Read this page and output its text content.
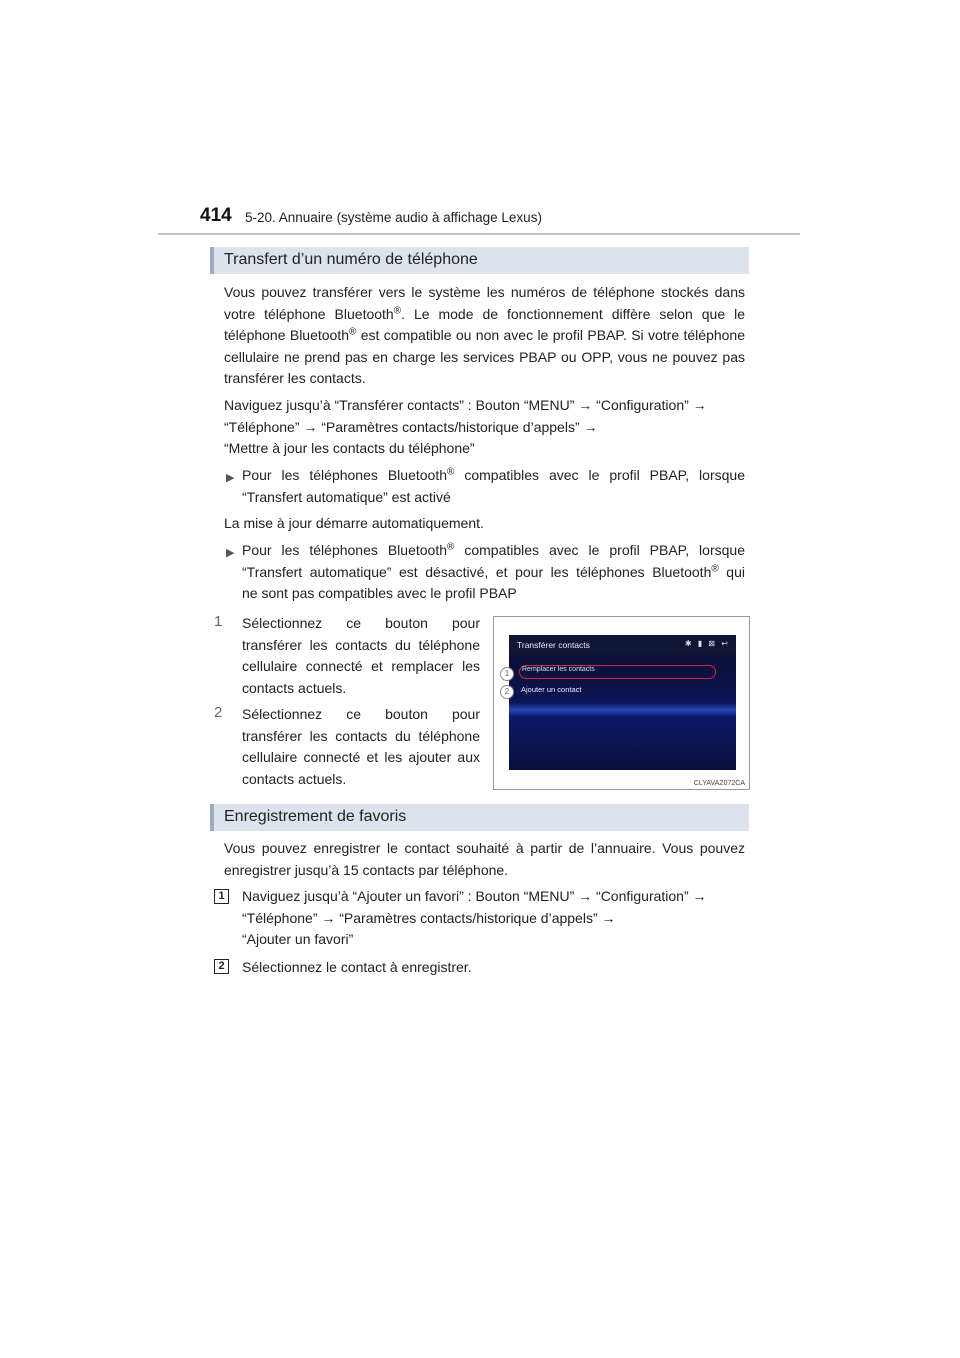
414 5-20. Annuaire (système audio à affichage Lexus)
Transfert d’un numéro de téléphone
Vous pouvez transférer vers le système les numéros de téléphone stockés dans votre téléphone Bluetooth®. Le mode de fonctionnement diffère selon que le téléphone Bluetooth® est compatible ou non avec le profil PBAP. Si votre téléphone cellulaire ne prend pas en charge les services PBAP ou OPP, vous ne pouvez pas transférer les contacts.
Naviguez jusqu’à “Transférer contacts” : Bouton “MENU” → “Configuration” →
“Téléphone” → “Paramètres contacts/historique d’appels” →
“Mettre à jour les contacts du téléphone”
▶ Pour les téléphones Bluetooth® compatibles avec le profil PBAP, lorsque
“Transfert automatique” est activé
La mise à jour démarre automatiquement.
▶ Pour les téléphones Bluetooth® compatibles avec le profil PBAP, lorsque
“Transfert automatique” est désactivé, et pour les téléphones Bluetooth® qui
ne sont pas compatibles avec le profil PBAP
1 Sélectionnez ce bouton pour transférer les contacts du téléphone cellulaire connecté et remplacer les contacts actuels.
2 Sélectionnez ce bouton pour transférer les contacts du téléphone cellulaire connecté et les ajouter aux contacts actuels.
Transférer contacts	✱ ▮ ⊠ ↩
Remplacer les contacts
Ajouter un contact
1
2
CLYAVAZ072CA
Enregistrement de favoris
Vous pouvez enregistrer le contact souhaité à partir de l’annuaire. Vous pouvez enregistrer jusqu’à 15 contacts par téléphone.
1	Naviguez jusqu’à “Ajouter un favori” : Bouton “MENU” → “Configuration” →
“Téléphone” → “Paramètres contacts/historique d’appels” →
“Ajouter un favori”
2	Sélectionnez le contact à enregistrer.
